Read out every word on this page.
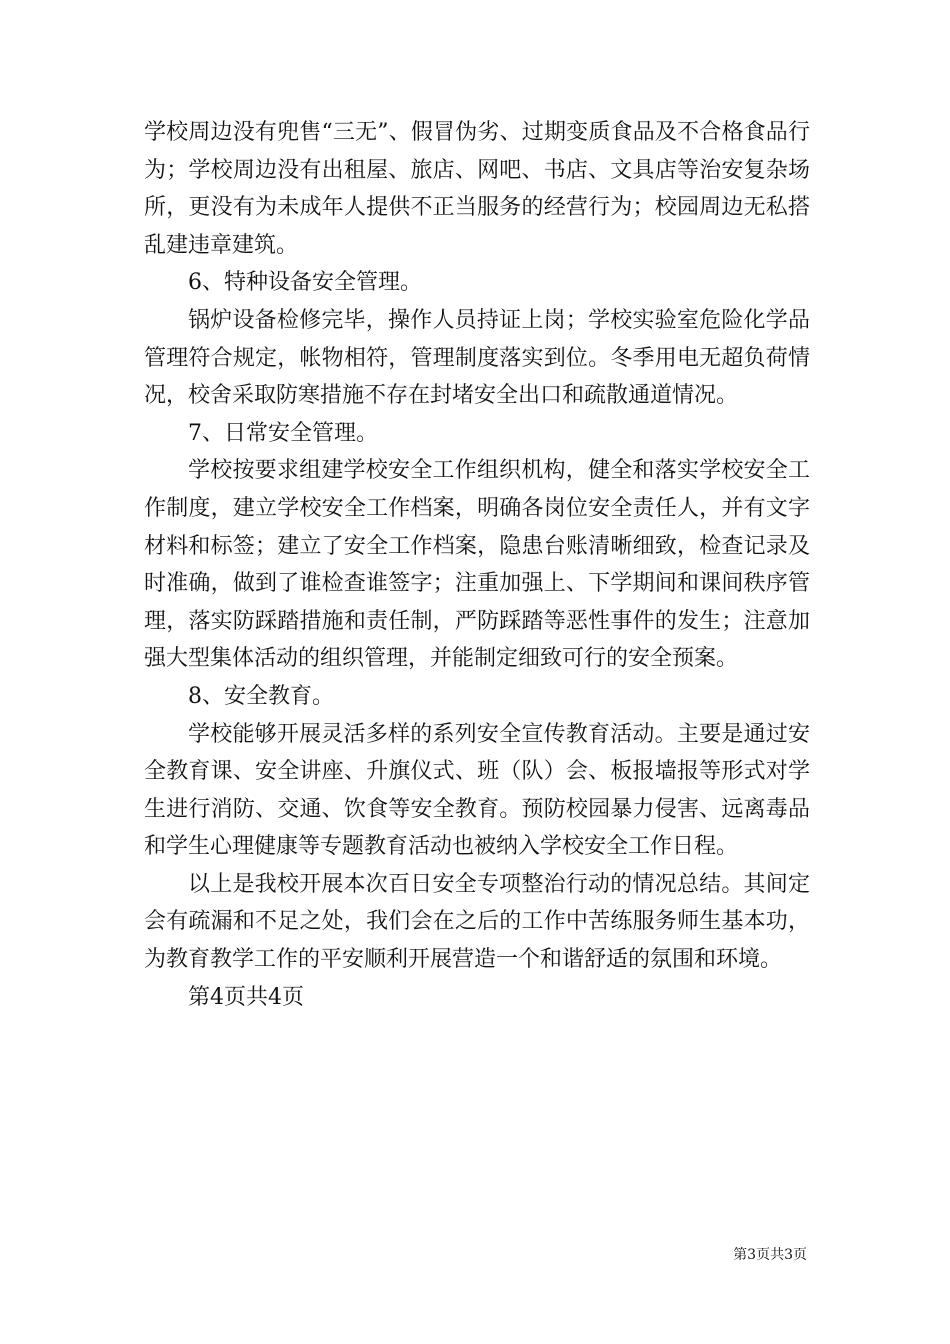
学校周边没有兜售“三无”、假冒伪劣、过期变质食品及不合格食品行为；学校周边没有出租屋、旅店、网吧、书店、文具店等治安复杂场所，更没有为未成年人提供不正当服务的经营行为；校园周边无私搭乱建违章建筑。

6、特种设备安全管理。

锅炉设备检修完毕，操作人员持证上岗；学校实验室危险化学品管理符合规定，帐物相符，管理制度落实到位。冬季用电无超负荷情况，校舍采取防寒措施不存在封堵安全出口和疏散通道情况。

7、日常安全管理。

学校按要求组建学校安全工作组织机构，健全和落实学校安全工作制度，建立学校安全工作档案，明确各岗位安全责任人，并有文字材料和标签；建立了安全工作档案，隐患台账清晰细致，检查记录及时准确，做到了谁检查谁签字；注重加强上、下学期间和课间秩序管理，落实防踩踏措施和责任制，严防踩踏等恶性事件的发生；注意加强大型集体活动的组织管理，并能制定细致可行的安全预案。

8、安全教育。

学校能够开展灵活多样的系列安全宣传教育活动。主要是通过安全教育课、安全讲座、升旗仪式、班（队）会、板报墙报等形式对学生进行消防、交通、饮食等安全教育。预防校园暴力侵害、远离毒品和学生心理健康等专题教育活动也被纳入学校安全工作日程。

以上是我校开展本次百日安全专项整治行动的情况总结。其间定会有疏漏和不足之处，我们会在之后的工作中苦练服务师生基本功，为教育教学工作的平安顺利开展营造一个和谐舒适的氛围和环境。

第4页共4页

第3页共3页
